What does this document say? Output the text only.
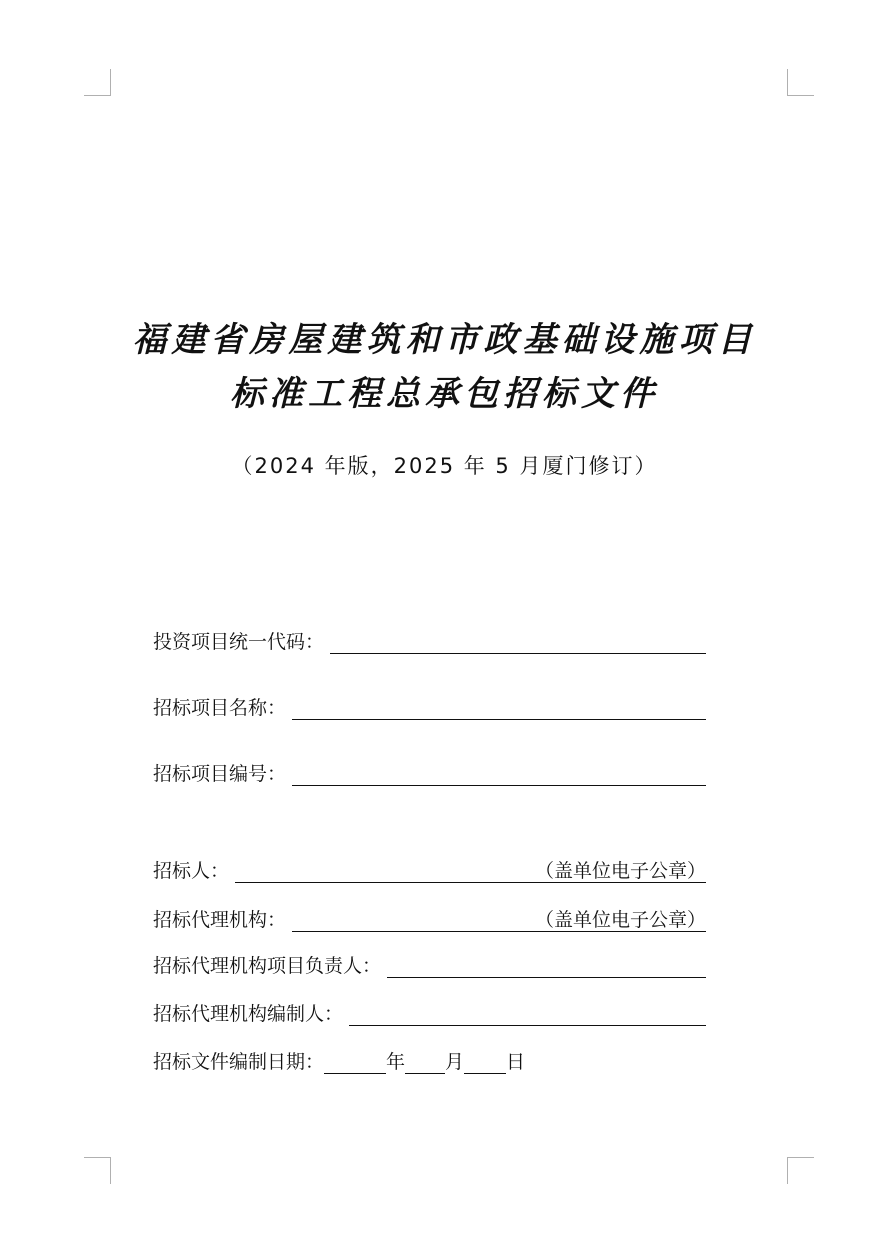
福建省房屋建筑和市政基础设施项目
标准工程总承包招标文件
（2024 年版，2025 年 5 月厦门修订）
投资项目统一代码：
招标项目名称：
招标项目编号：
招标人：	（盖单位电子公章）
招标代理机构：	（盖单位电子公章）
招标代理机构项目负责人：
招标代理机构编制人：
招标文件编制日期：	年 月 日
